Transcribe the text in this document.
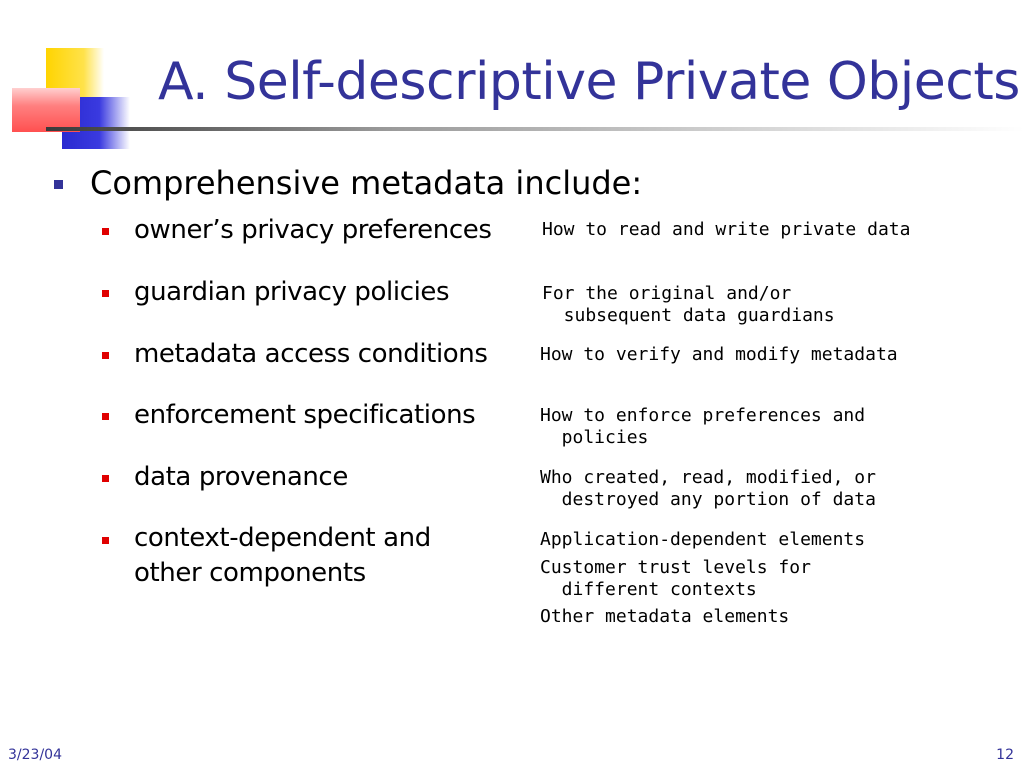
A. Self-descriptive Private Objects
Comprehensive metadata include:
owner’s privacy preferences
guardian privacy policies
metadata access conditions
enforcement specifications
data provenance
context-dependent and
other components
How to read and write private data
For the original and/or
subsequent data guardians
How to verify and modify metadata
How to enforce preferences and
policies
Who created, read, modified, or
destroyed any portion of data
Application-dependent elements
Customer trust levels for
different contexts
Other metadata elements
3/23/04	12
